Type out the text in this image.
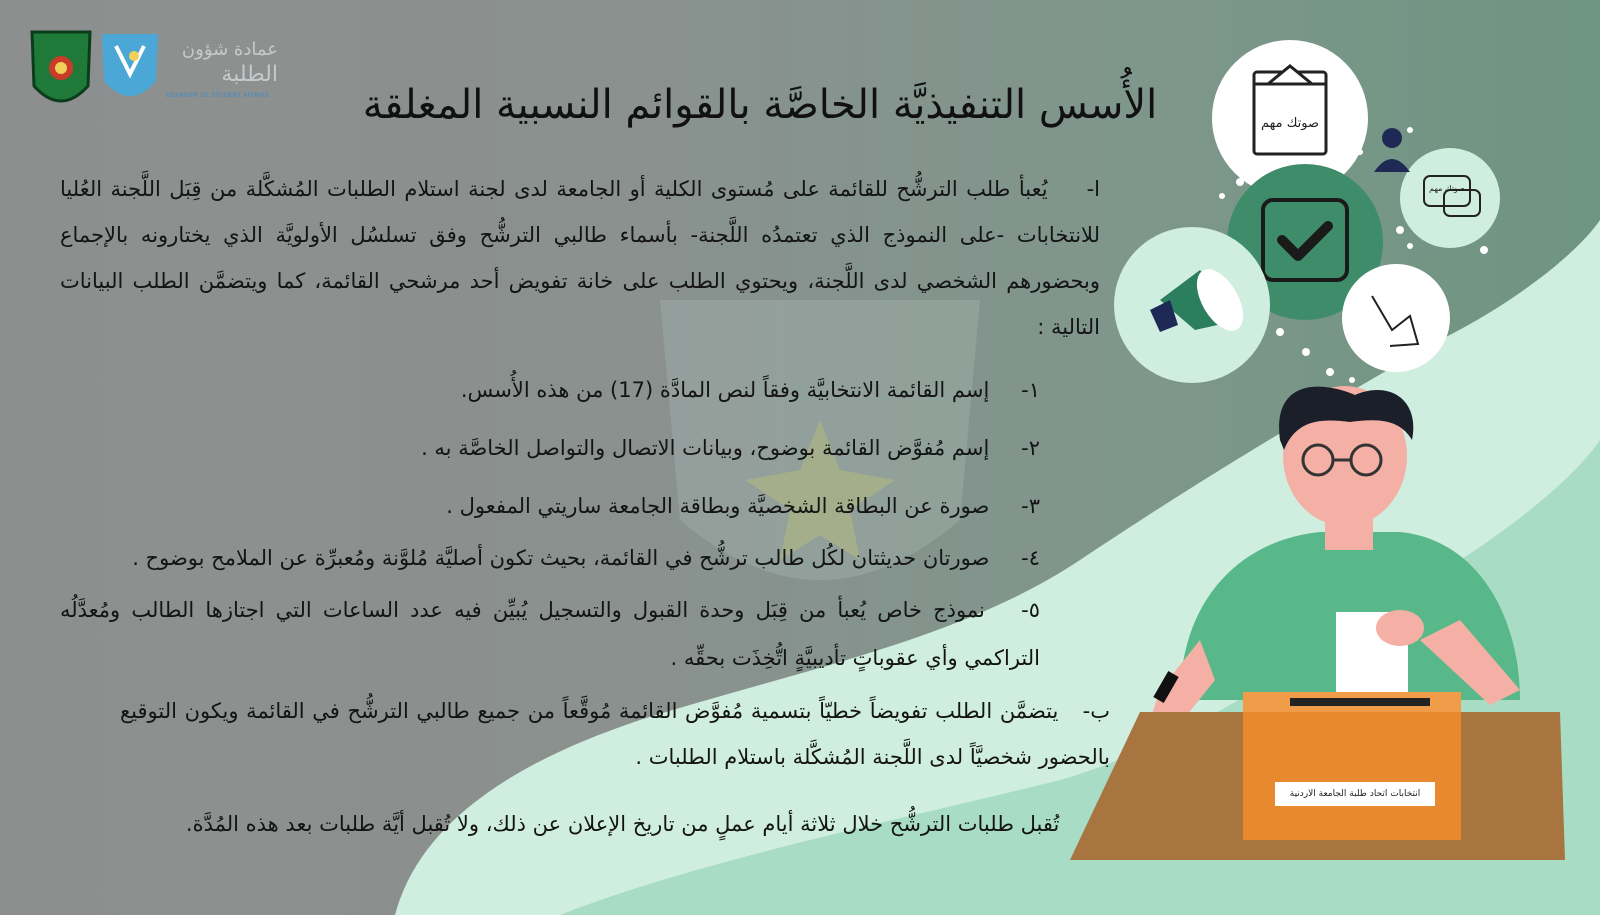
عمادة شؤون
الطلبة
DEANSHIP OF STUDENT AFFAIRS	الأُسس التنفيذيَّة الخاصَّة بالقوائم النسبية المغلقة
ا- يُعبأ طلب الترشُّح للقائمة على مُستوى الكلية أو الجامعة لدى لجنة استلام الطلبات المُشكَّلة من قِبَل اللَّجنة العُليا للانتخابات -على النموذج الذي تعتمدُه اللَّجنة- بأسماء طالبي الترشُّح وفق تسلسُل الأولويَّة الذي يختارونه بالإجماع وبحضورهم الشخصي لدى اللَّجنة، ويحتوي الطلب على خانة تفويض أحد مرشحي القائمة، كما ويتضمَّن الطلب البيانات التالية :
١- إسم القائمة الانتخابيَّة وفقاً لنص المادَّة (17) من هذه الأُسس.
٢- إسم مُفوَّض القائمة بوضوح، وبيانات الاتصال والتواصل الخاصَّة به .
٣- صورة عن البطاقة الشخصيَّة وبطاقة الجامعة ساريتي المفعول .
٤- صورتان حديثتان لكُل طالب ترشُّح في القائمة، بحيث تكون أصليَّة مُلوَّنة ومُعبرِّة عن الملامح بوضوح .
٥- نموذج خاص يُعبأ من قِبَل وحدة القبول والتسجيل يُبيِّن فيه عدد الساعات التي اجتازها الطالب ومُعدَّلُه التراكمي وأي عقوباتٍ تأديبيَّةٍ اتُّخِذَت بحقِّه .
ب- يتضمَّن الطلب تفويضاً خطيّاً بتسمية مُفوَّض القائمة مُوقَّعاً من جميع طالبي الترشُّح في القائمة ويكون التوقيع بالحضور شخصيَّاً لدى اللَّجنة المُشكَّلة باستلام الطلبات .
تُقبل طلبات الترشُّح خلال ثلاثة أيام عملٍ من تاريخ الإعلان عن ذلك، ولا تُقبل أيَّة طلبات بعد هذه المُدَّة.
صوتك مهم
صوتك مهم
انتخابات اتحاد طلبة الجامعة الاردنية
